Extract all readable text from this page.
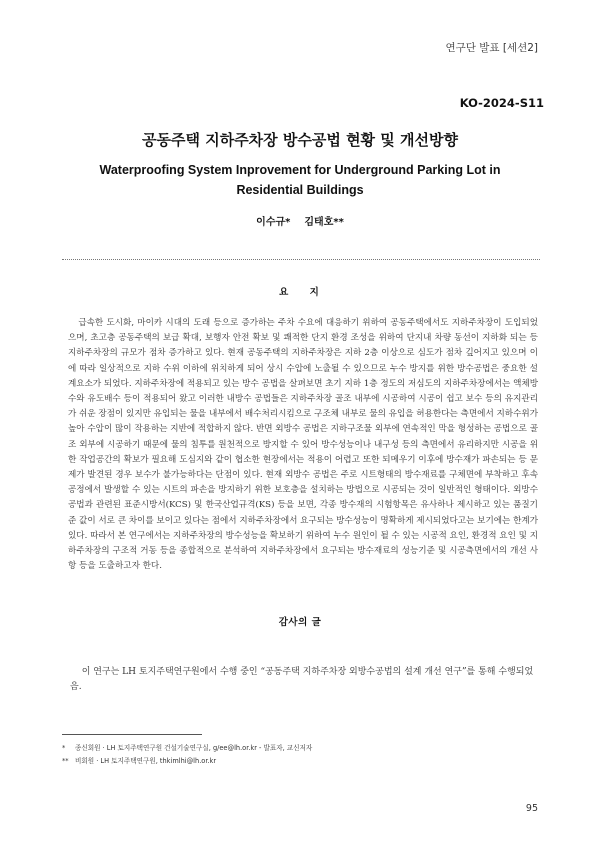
연구단 발표 [세션2]
KO-2024-S11
공동주택 지하주차장 방수공법 현황 및 개선방향
Waterproofing System Inprovement for Underground Parking Lot in Residential Buildings
이수규* 김태호**
요 지

급속한 도시화, 마이카 시대의 도래 등으로 증가하는 주차 수요에 대응하기 위하여 공동주택에서도 지하주차장이 도입되었으며, 초고층 공동주택의 보급 확대, 보행자 안전 확보 및 쾌적한 단지 환경 조성을 위하여 단지내 차량 동선이 지하화 되는 등 지하주차장의 규모가 점차 증가하고 있다. 현재 공동주택의 지하주차장은 지하 2층 이상으로 심도가 점차 깊어지고 있으며 이에 따라 일상적으로 지하 수위 이하에 위치하게 되어 상시 수압에 노출될 수 있으므로 누수 방지를 위한 방수공법은 중요한 설계요소가 되었다. 지하주차장에 적용되고 있는 방수 공법을 살펴보면 초기 지하 1층 정도의 저심도의 지하주차장에서는 액체방수와 유도배수 등이 적용되어 왔고 이러한 내방수 공법들은 지하주차장 골조 내부에 시공하여 시공이 쉽고 보수 등의 유지관리가 쉬운 장점이 있지만 유입되는 물을 내부에서 배수처리시킴으로 구조체 내부로 물의 유입을 허용한다는 측면에서 지하수위가 높아 수압이 많이 작용하는 지반에 적합하지 않다. 반면 외방수 공법은 지하구조물 외부에 연속적인 막을 형성하는 공법으로 골조 외부에 시공하기 때문에 물의 침투를 원천적으로 방지할 수 있어 방수성능이나 내구성 등의 측면에서 유리하지만 시공을 위한 작업공간의 확보가 필요해 도심지와 같이 협소한 현장에서는 적용이 어렵고 또한 되메우기 이후에 방수재가 파손되는 등 문제가 발견된 경우 보수가 불가능하다는 단점이 있다. 현재 외방수 공법은 주로 시트형태의 방수재료를 구체면에 부착하고 후속 공정에서 발생할 수 있는 시트의 파손을 방지하기 위한 보호층을 설치하는 방법으로 시공되는 것이 일반적인 형태이다. 외방수 공법과 관련된 표준시방서(KCS) 및 한국산업규격(KS) 등을 보면, 각종 방수재의 시험항목은 유사하나 제시하고 있는 품질기준 값이 서로 큰 차이를 보이고 있다는 점에서 지하주차장에서 요구되는 방수성능이 명확하게 제시되었다고는 보기에는 한계가 있다. 따라서 본 연구에서는 지하주차장의 방수성능을 확보하기 위하여 누수 원인이 될 수 있는 시공적 요인, 환경적 요인 및 지하주차장의 구조적 거동 등을 종합적으로 분석하여 지하주차장에서 요구되는 방수재료의 성능기준 및 시공측면에서의 개선 사항 등을 도출하고자 한다.

감사의 글

이 연구는 LH 토지주택연구원에서 수행 중인 “공동주택 지하주차장 외방수공법의 설계 개선 연구”를 통해 수행되었음.

* 종신회원 · LH 토지주택연구원 건설기술연구실, g/ee@lh.or.kr - 발표자, 교신저자
** 비회원 · LH 토지주택연구원, thkimlhi@lh.or.kr
95
